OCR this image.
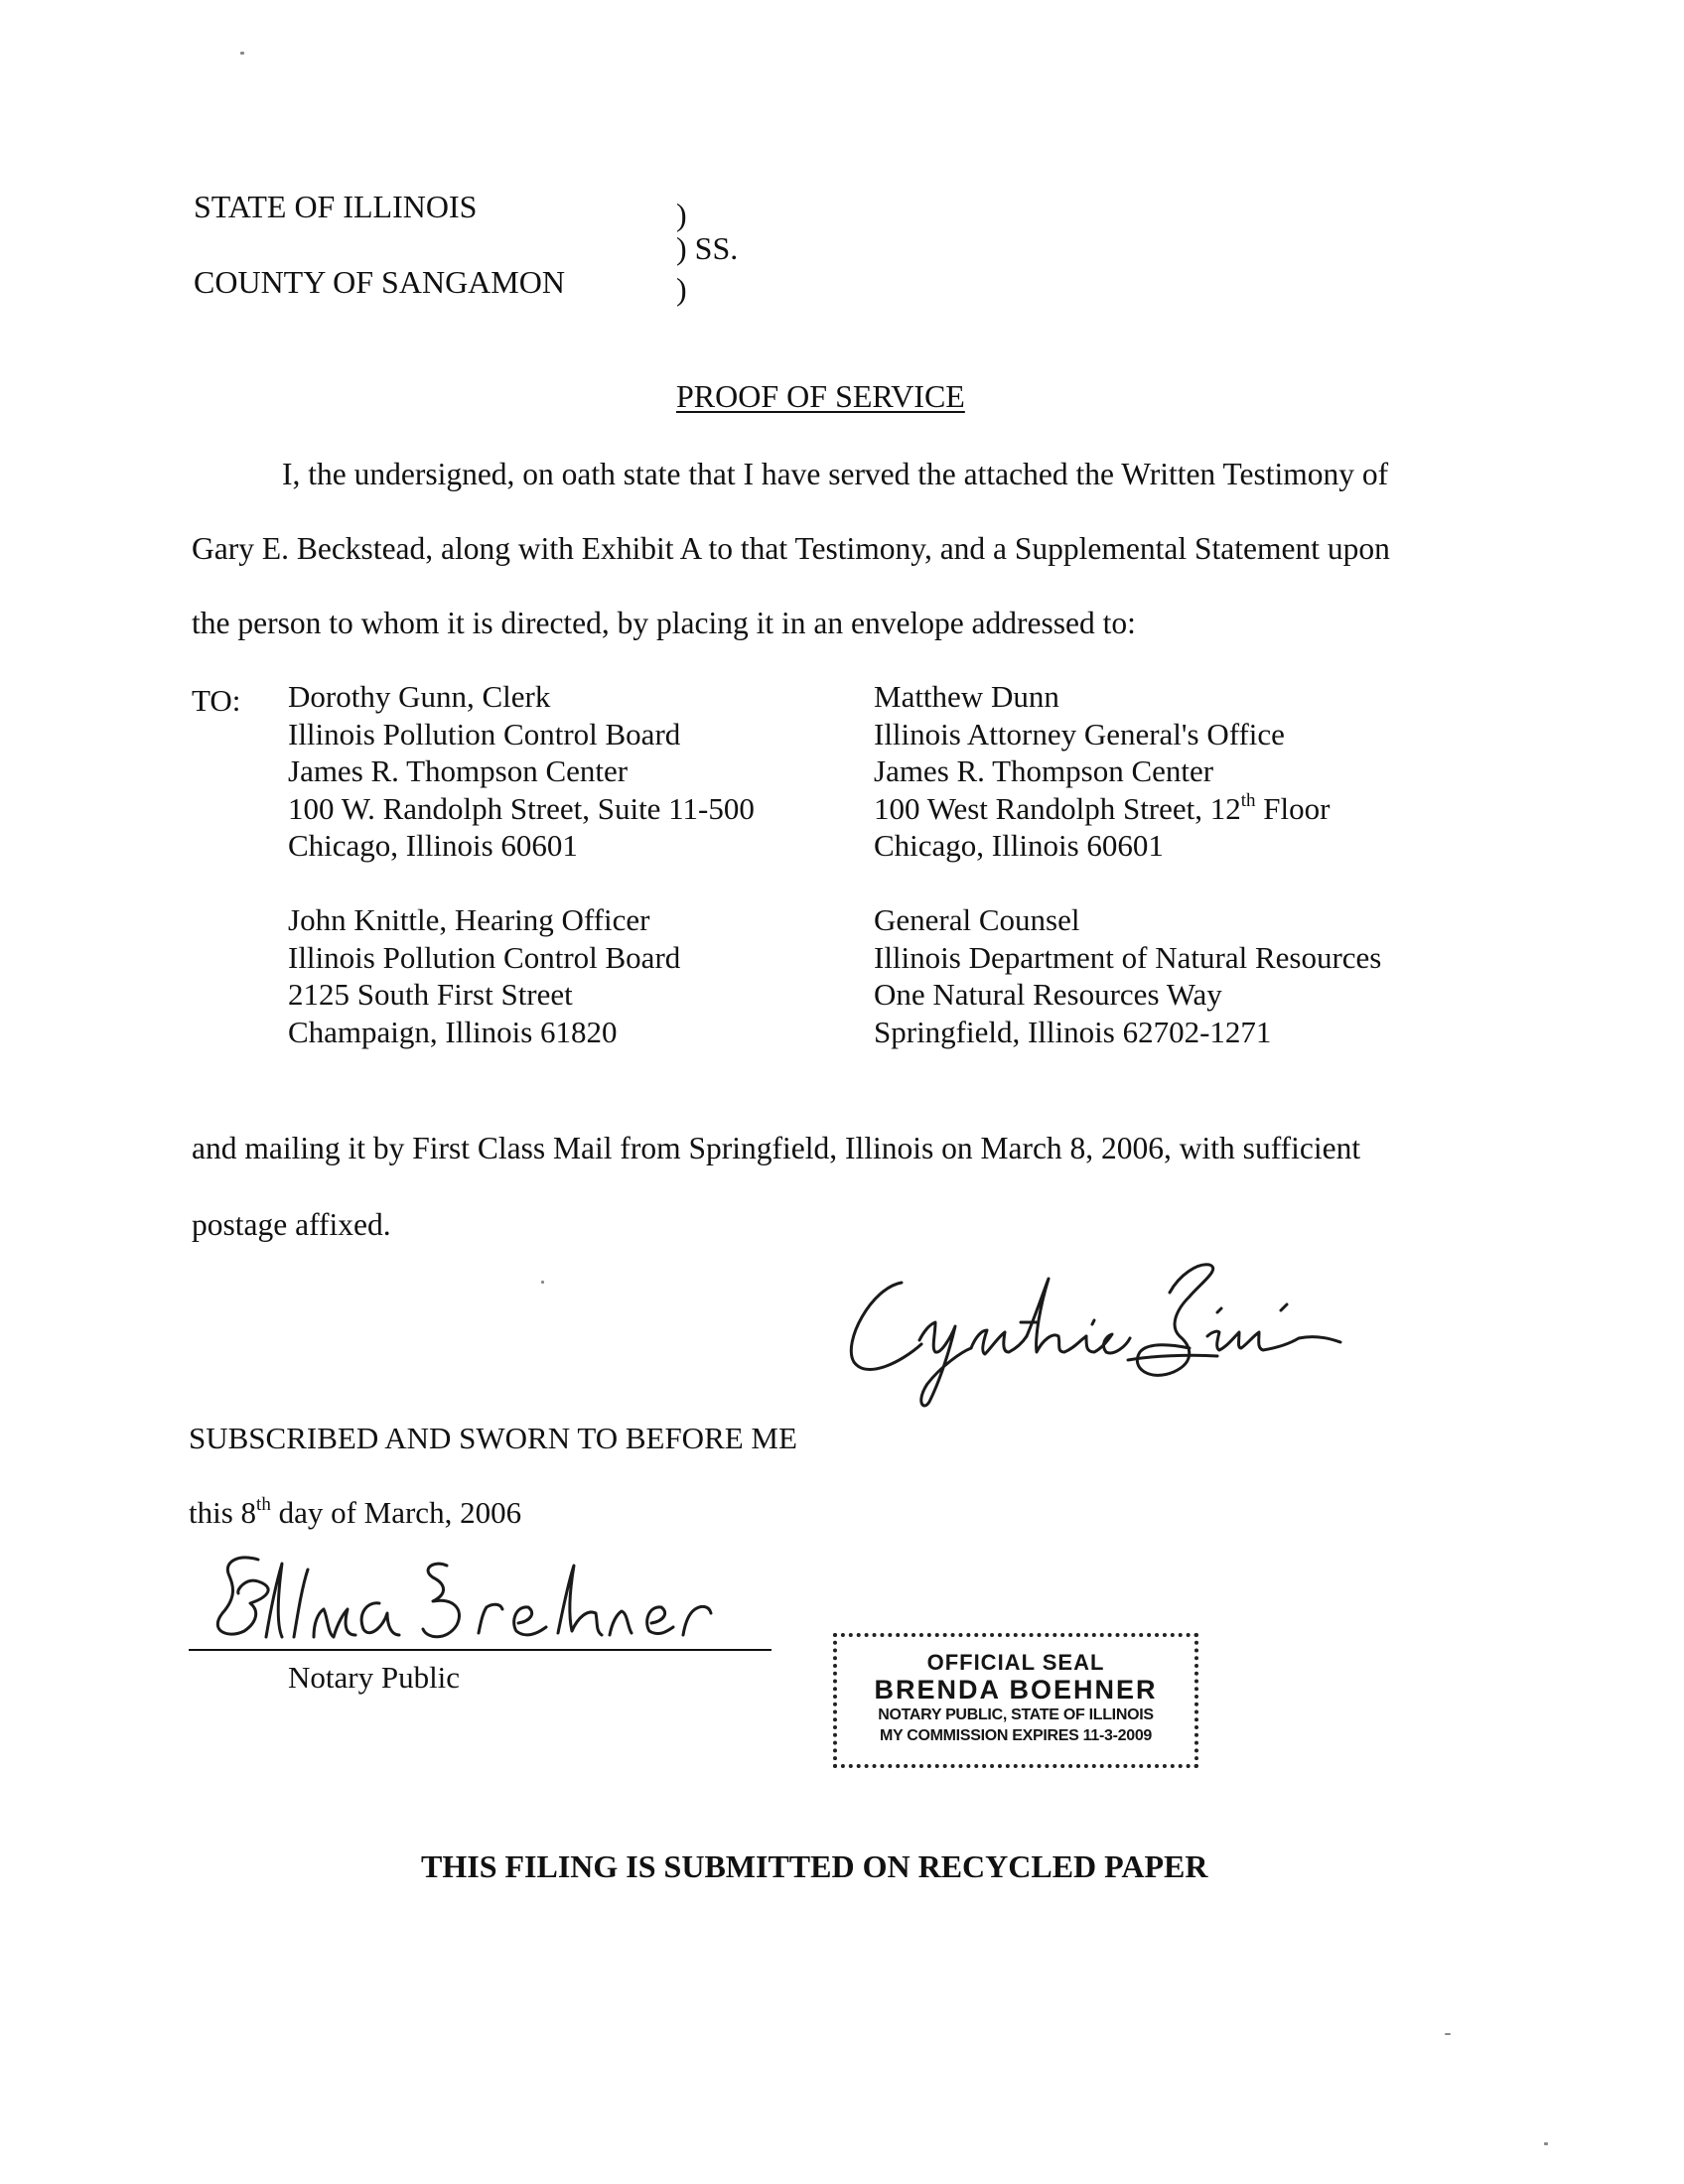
STATE OF ILLINOIS
COUNTY OF SANGAMON
)
) SS.
)
PROOF OF SERVICE
I, the undersigned, on oath state that I have served the attached the Written Testimony of
Gary E. Beckstead, along with Exhibit A to that Testimony, and a Supplemental Statement upon
the person to whom it is directed, by placing it in an envelope addressed to:
TO: Dorothy Gunn, Clerk
Illinois Pollution Control Board
James R. Thompson Center
100 W. Randolph Street, Suite 11-500
Chicago, Illinois 60601
Matthew Dunn
Illinois Attorney General's Office
James R. Thompson Center
100 West Randolph Street, 12th Floor
Chicago, Illinois 60601
John Knittle, Hearing Officer
Illinois Pollution Control Board
2125 South First Street
Champaign, Illinois 61820
General Counsel
Illinois Department of Natural Resources
One Natural Resources Way
Springfield, Illinois 62702-1271
and mailing it by First Class Mail from Springfield, Illinois on March 8, 2006, with sufficient
postage affixed.
SUBSCRIBED AND SWORN TO BEFORE ME
this 8th day of March, 2006
Notary Public	OFFICIAL SEAL
BRENDA BOEHNER
NOTARY PUBLIC, STATE OF ILLINOIS
MY COMMISSION EXPIRES 11-3-2009
THIS FILING IS SUBMITTED ON RECYCLED PAPER
